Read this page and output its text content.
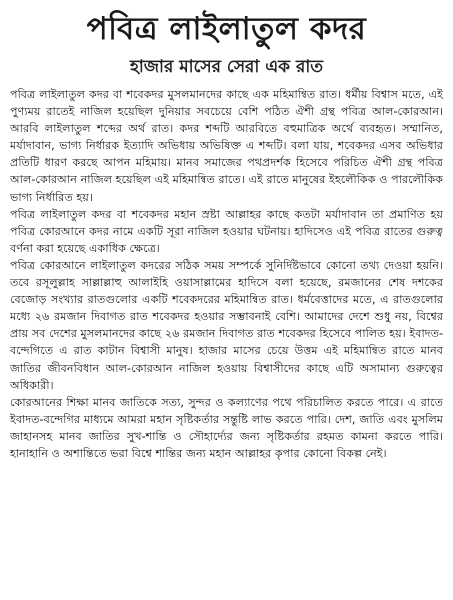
পবিত্র লাইলাতুল কদর
হাজার মাসের সেরা এক রাত

পবিত্র লাইলাতুল কদর বা শবেকদর মুসলমানদের কাছে এক মহিমান্বিত রাত। ধর্মীয় বিশ্বাস মতে, এই পুণ্যময় রাতেই নাজিল হয়েছিল দুনিয়ার সবচেয়ে বেশি পঠিত ঐশী গ্রন্থ পবিত্র আল-কোরআন। আরবি লাইলাতুল শব্দের অর্থ রাত। কদর শব্দটি আরবিতে বহুমাত্রিক অর্থে ব্যবহৃত। সম্মানিত, মর্যাদাবান, ভাগ্য নির্ধারক ইত্যাদি অভিধায় অভিষিক্ত এ শব্দটি। বলা যায়, শবেকদর এসব অভিধার প্রতিটি ধারণ করছে আপন মহিমায়। মানব সমাজের পথপ্রদর্শক হিসেবে পরিচিত ঐশী গ্রন্থ পবিত্র আল-কোরআন নাজিল হয়েছিল এই মহিমান্বিত রাতে। এই রাতে মানুষের ইহলৌকিক ও পারলৌকিক ভাগ্য নির্ধারিত হয়।

পবিত্র লাইলাতুল কদর বা শবেকদর মহান স্রষ্টা আল্লাহর কাছে কতটা মর্যাদাবান তা প্রমাণিত হয় পবিত্র কোরআনে কদর নামে একটি সূরা নাজিল হওয়ার ঘটনায়। হাদিসেও এই পবিত্র রাতের গুরুত্ব বর্ণনা করা হয়েছে একাধিক ক্ষেত্রে।

পবিত্র কোরআনে লাইলাতুল কদরের সঠিক সময় সম্পর্কে সুনির্দিষ্টভাবে কোনো তথ্য দেওয়া হয়নি। তবে রসূলুল্লাহ সাল্লাল্লাহু আলাইহি ওয়াসাল্লামের হাদিসে বলা হয়েছে, রমজানের শেষ দশকের বেজোড় সংখ্যার রাতগুলোর একটি শবেকদরের মহিমান্বিত রাত। ধর্মবেত্তাদের মতে, এ রাতগুলোর মধ্যে ২৬ রমজান দিবাগত রাত শবেকদর হওয়ার সম্ভাবনাই বেশি। আমাদের দেশে শুধু নয়, বিশ্বের প্রায় সব দেশের মুসলমানদের কাছে ২৬ রমজান দিবাগত রাত শবেকদর হিসেবে পালিত হয়। ইবাদত-বন্দেগিতে এ রাত কাটান বিশ্বাসী মানুষ। হাজার মাসের চেয়ে উত্তম এই মহিমান্বিত রাতে মানব জাতির জীবনবিধান আল-কোরআন নাজিল হওয়ায় বিশ্বাসীদের কাছে এটি অসামান্য গুরুত্বের অধিকারী।

কোরআনের শিক্ষা মানব জাতিকে সত্য, সুন্দর ও কল্যাণের পথে পরিচালিত করতে পারে। এ রাতে ইবাদত-বন্দেগির মাধ্যমে আমরা মহান সৃষ্টিকর্তার সন্তুষ্টি লাভ করতে পারি। দেশ, জাতি এবং মুসলিম জাহানসহ মানব জাতির সুখ-শান্তি ও সৌহার্দ্যের জন্য সৃষ্টিকর্তার রহমত কামনা করতে পারি। হানাহানি ও অশান্তিতে ভরা বিশ্বে শান্তির জন্য মহান আল্লাহর কৃপার কোনো বিকল্প নেই।
